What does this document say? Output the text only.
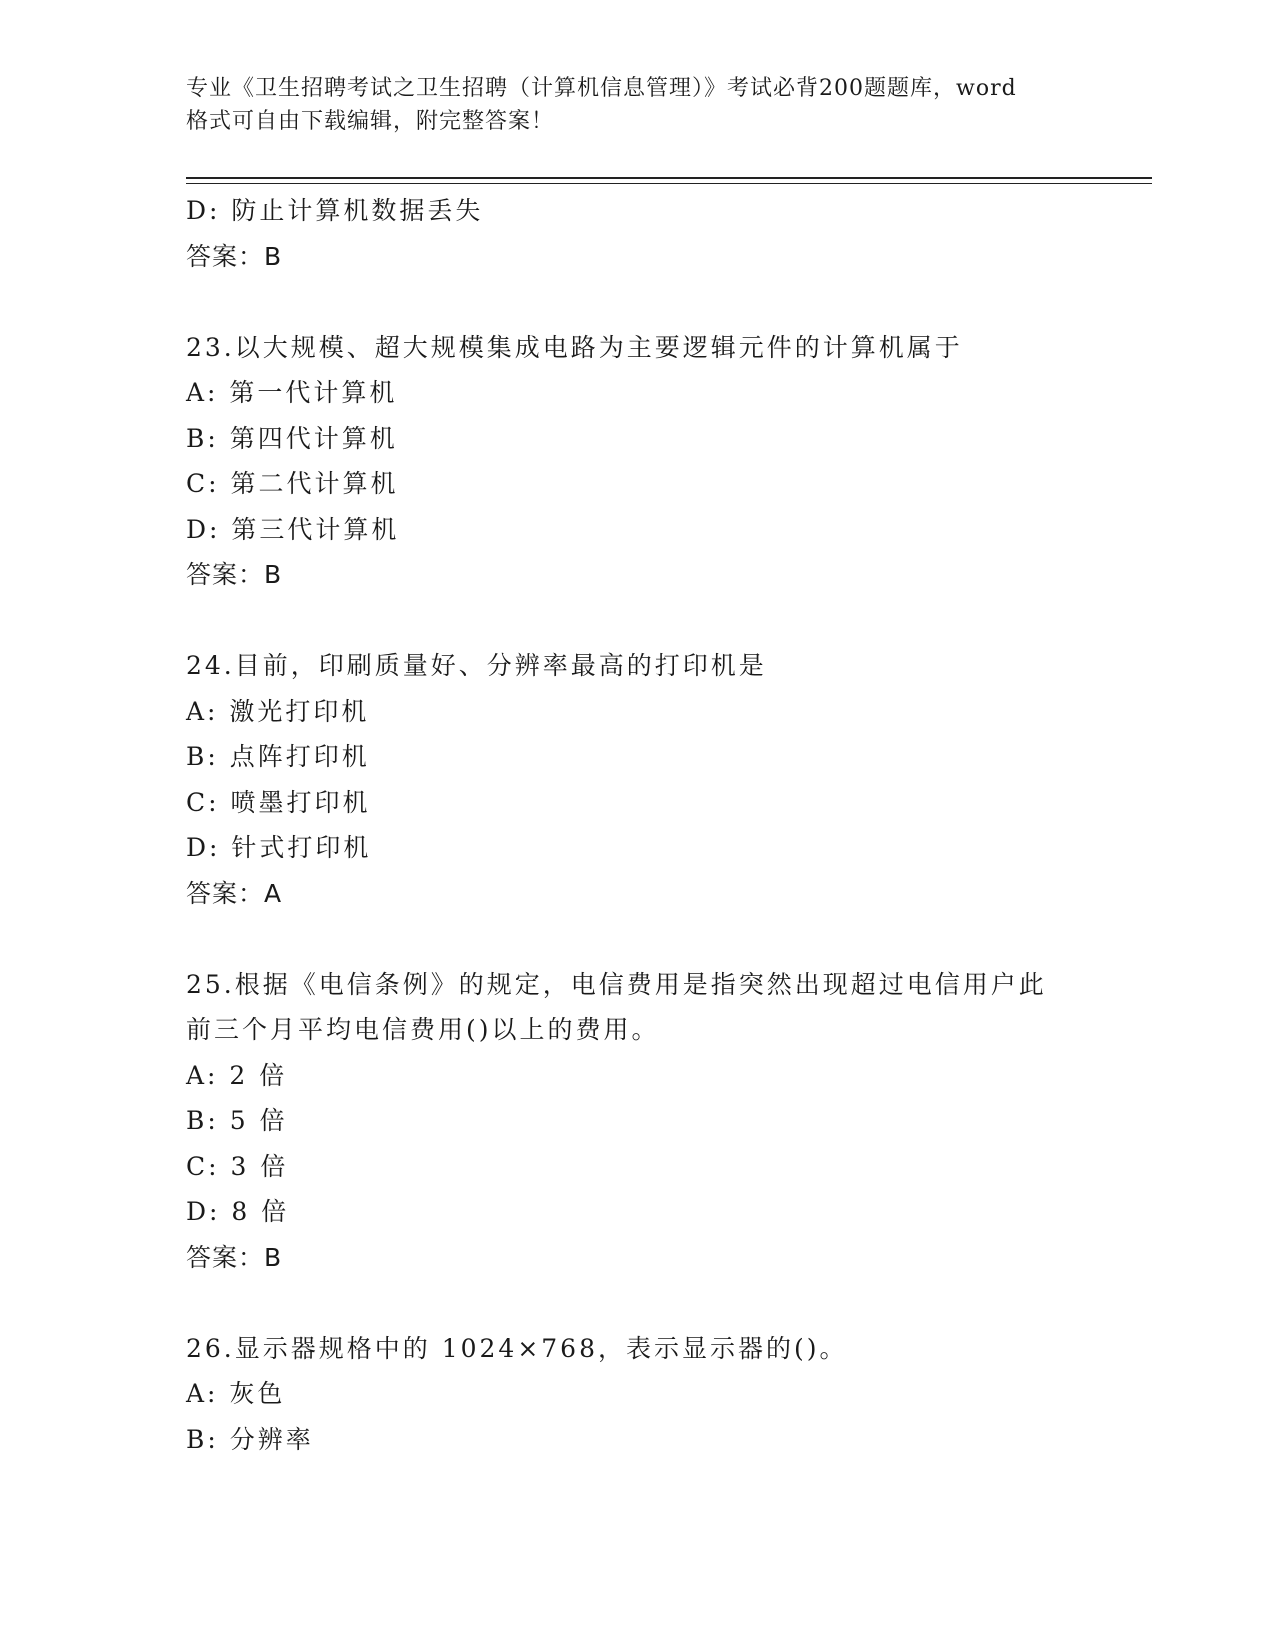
专业《卫生招聘考试之卫生招聘（计算机信息管理）》考试必背200题题库，word
格式可自由下载编辑，附完整答案！
D: 防止计算机数据丢失
答案：B
23.以大规模、超大规模集成电路为主要逻辑元件的计算机属于
A: 第一代计算机
B: 第四代计算机
C: 第二代计算机
D: 第三代计算机
答案：B
24.目前，印刷质量好、分辨率最高的打印机是
A: 激光打印机
B: 点阵打印机
C: 喷墨打印机
D: 针式打印机
答案：A
25.根据《电信条例》的规定，电信费用是指突然出现超过电信用户此
前三个月平均电信费用()以上的费用。
A: 2 倍
B: 5 倍
C: 3 倍
D: 8 倍
答案：B
26.显示器规格中的 1024×768，表示显示器的()。
A: 灰色
B: 分辨率
